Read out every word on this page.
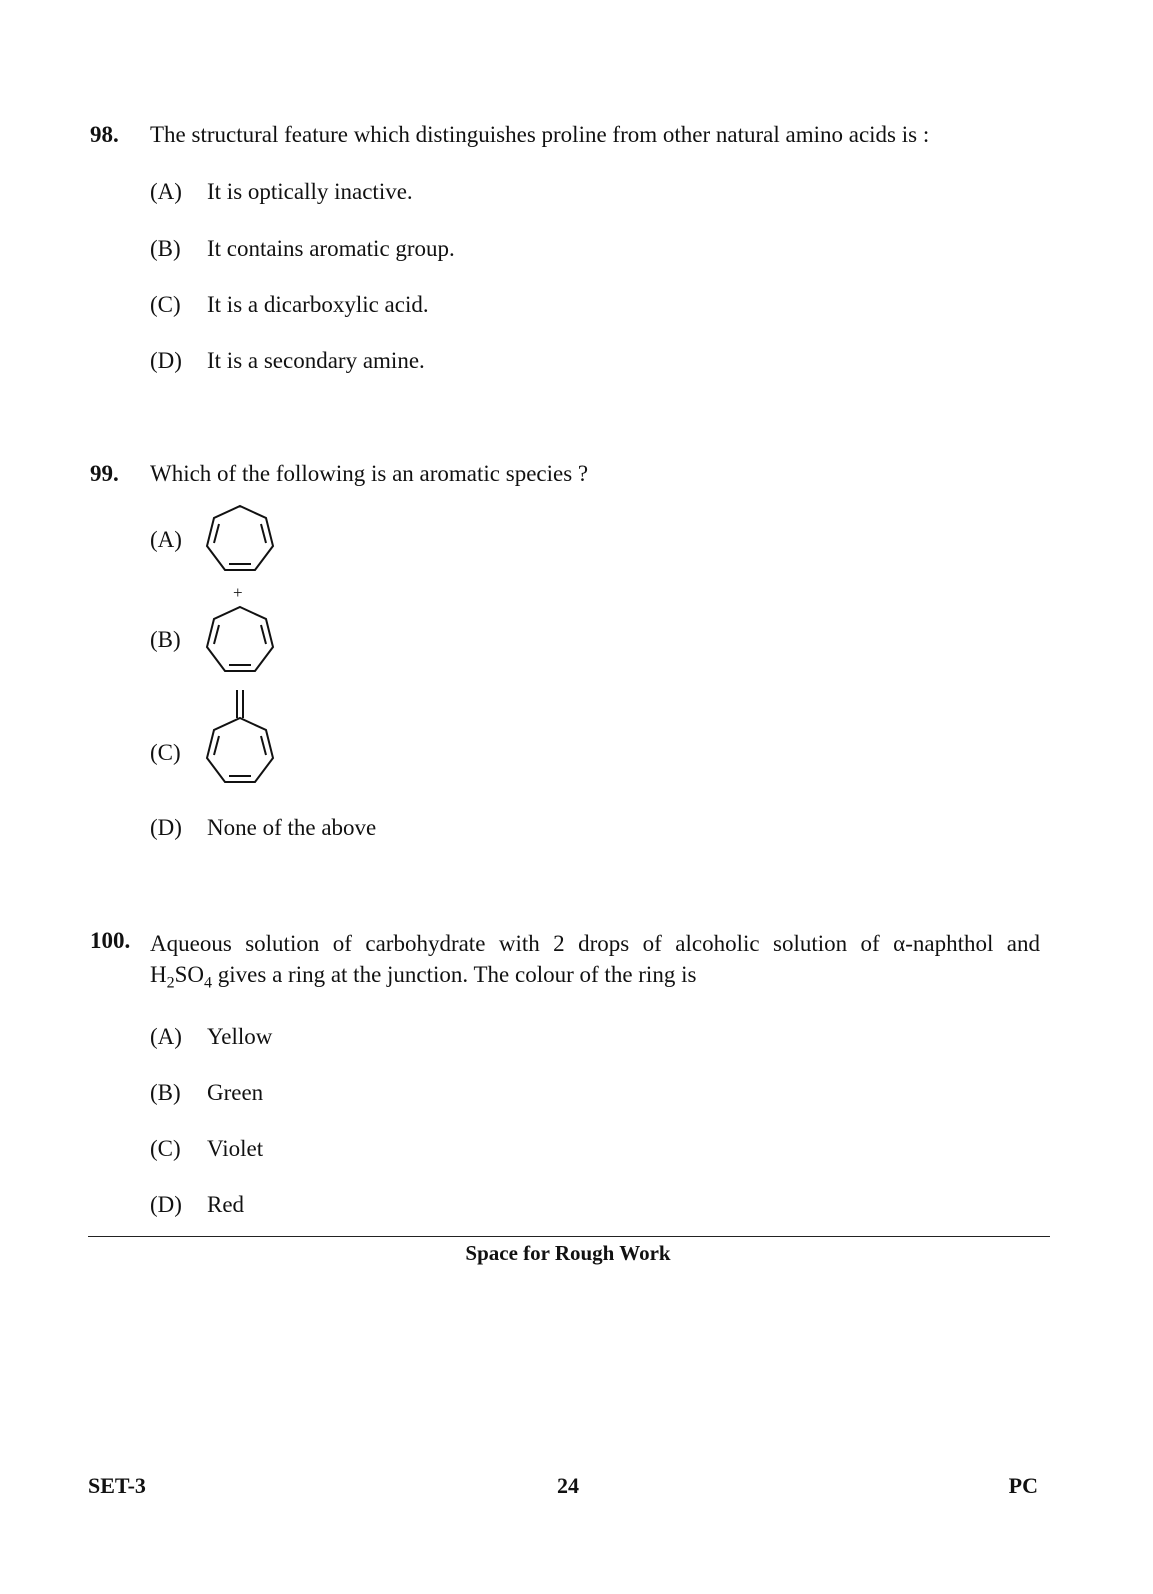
98. The structural feature which distinguishes proline from other natural amino acids is :
(A) It is optically inactive.
(B) It contains aromatic group.
(C) It is a dicarboxylic acid.
(D) It is a secondary amine.
99. Which of the following is an aromatic species ?
(A)
(B)
+
(C)
(D) None of the above
100. Aqueous solution of carbohydrate with 2 drops of alcoholic solution of α-naphthol and
$H_2SO_4$ gives a ring at the junction. The colour of the ring is
(A) Yellow
(B) Green
(C) Violet
(D) Red
Space for Rough Work
SET-3	24	PC
